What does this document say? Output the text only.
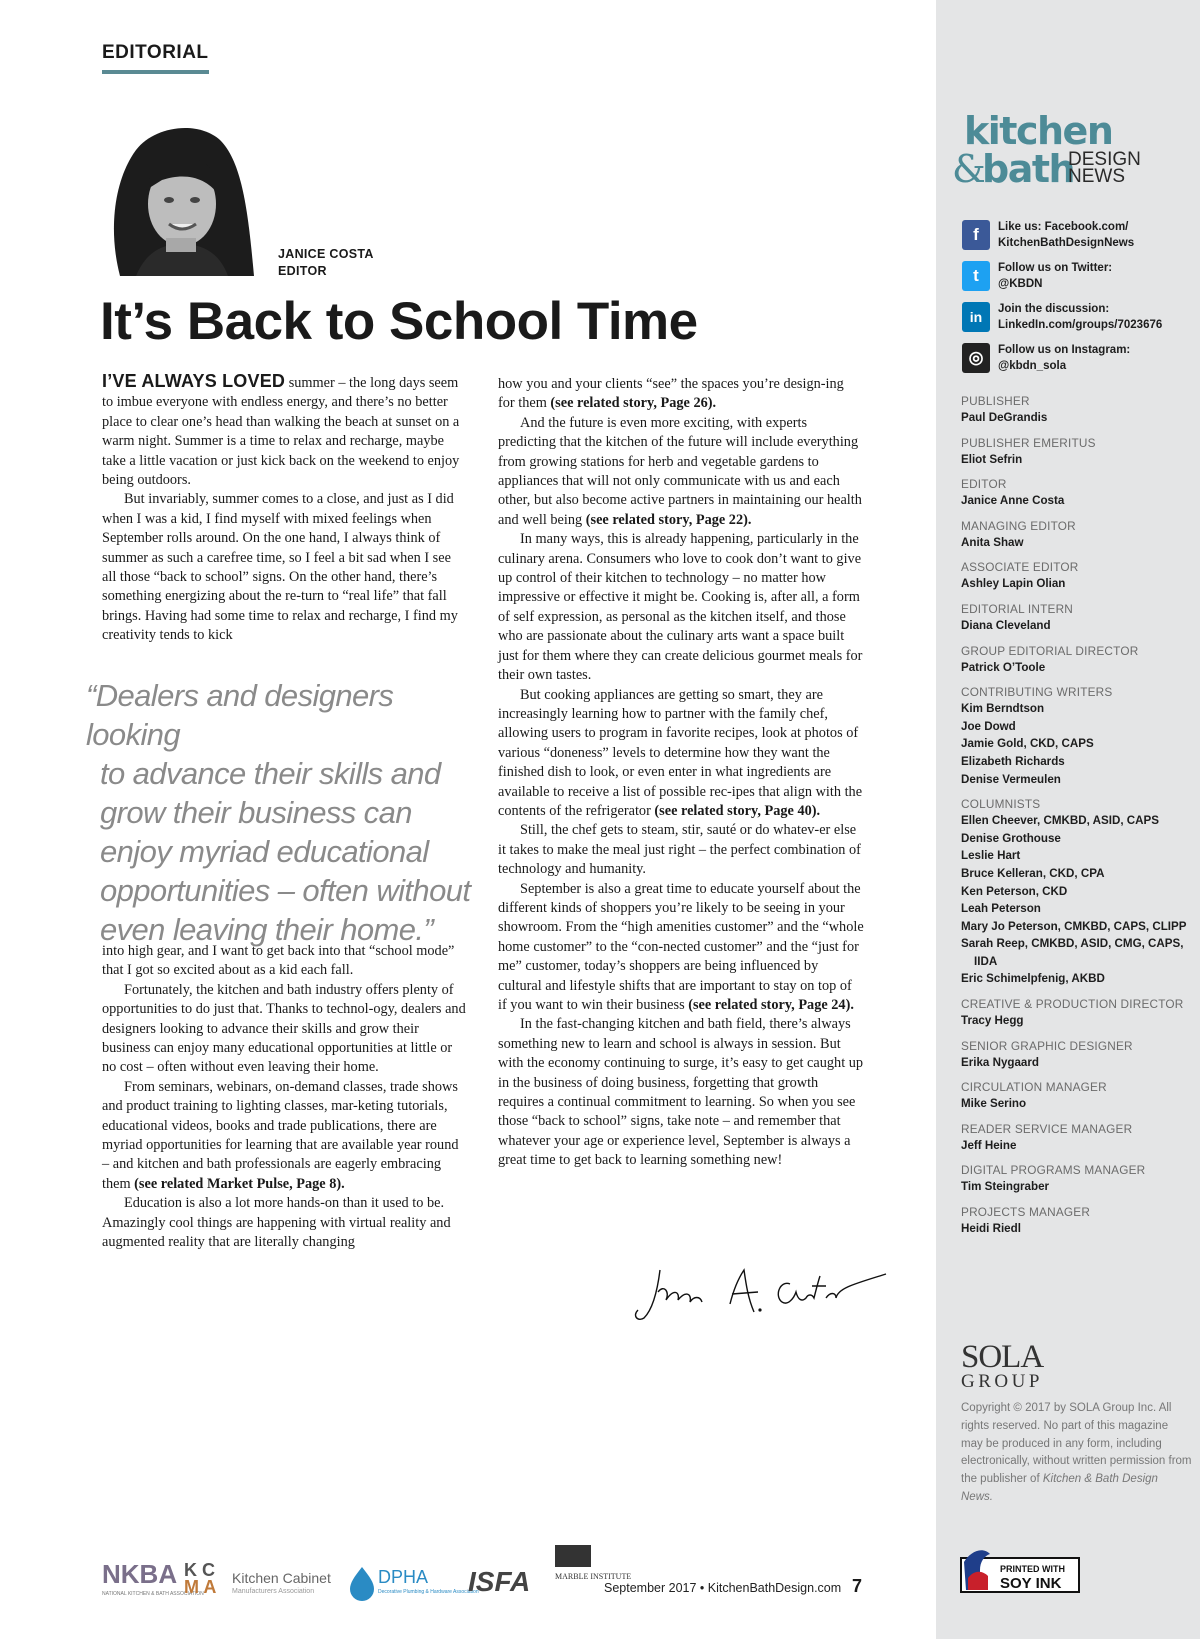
EDITORIAL
JANICE COSTA
EDITOR
It’s Back to School Time

I’VE ALWAYS LOVED summer – the long days seem to imbue everyone with endless energy, and there’s no better place to clear one’s head than walking the beach at sunset on a warm night. Summer is a time to relax and recharge, maybe take a little vacation or just kick back on the weekend to enjoy being outdoors.

But invariably, summer comes to a close, and just as I did when I was a kid, I find myself with mixed feelings when September rolls around. On the one hand, I always think of summer as such a carefree time, so I feel a bit sad when I see all those “back to school” signs. On the other hand, there’s something energizing about the re-turn to “real life” that fall brings. Having had some time to relax and recharge, I find my creativity tends to kick

“Dealers and designers looking
to advance their skills and
grow their business can
enjoy myriad educational
opportunities – often without
even leaving their home.”

into high gear, and I want to get back into that “school mode” that I got so excited about as a kid each fall.

Fortunately, the kitchen and bath industry offers plenty of opportunities to do just that. Thanks to technol-ogy, dealers and designers looking to advance their skills and grow their business can enjoy many educational opportunities at little or no cost – often without even leaving their home.

From seminars, webinars, on-demand classes, trade shows and product training to lighting classes, mar-keting tutorials, educational videos, books and trade publications, there are myriad opportunities for learning that are available year round – and kitchen and bath professionals are eagerly embracing them (see related Market Pulse, Page 8).

Education is also a lot more hands-on than it used to be. Amazingly cool things are happening with virtual reality and augmented reality that are literally changing

how you and your clients “see” the spaces you’re design-ing for them (see related story, Page 26).

And the future is even more exciting, with experts predicting that the kitchen of the future will include everything from growing stations for herb and vegetable gardens to appliances that will not only communicate with us and each other, but also become active partners in maintaining our health and well being (see related story, Page 22).

In many ways, this is already happening, particularly in the culinary arena. Consumers who love to cook don’t want to give up control of their kitchen to technology – no matter how impressive or effective it might be. Cooking is, after all, a form of self expression, as personal as the kitchen itself, and those who are passionate about the culinary arts want a space built just for them where they can create delicious gourmet meals for their own tastes.

But cooking appliances are getting so smart, they are increasingly learning how to partner with the family chef, allowing users to program in favorite recipes, look at photos of various “doneness” levels to determine how they want the finished dish to look, or even enter in what ingredients are available to receive a list of possible rec-ipes that align with the contents of the refrigerator (see related story, Page 40).

Still, the chef gets to steam, stir, sauté or do whatev-er else it takes to make the meal just right – the perfect combination of technology and humanity.

September is also a great time to educate yourself about the different kinds of shoppers you’re likely to be seeing in your showroom. From the “high amenities customer” and the “whole home customer” to the “con-nected customer” and the “just for me” customer, today’s shoppers are being influenced by cultural and lifestyle shifts that are important to stay on top of if you want to win their business (see related story, Page 24).

In the fast-changing kitchen and bath field, there’s always something new to learn and school is always in session. But with the economy continuing to surge, it’s easy to get caught up in the business of doing business, forgetting that growth requires a continual commitment to learning. So when you see those “back to school” signs, take note – and remember that whatever your age or experience level, September is always a great time to get back to learning something new!

NKBA
NATIONAL KITCHEN & BATH ASSOCIATION
K C
M A Kitchen Cabinet
Manufacturers Association
DPHA
Decorative Plumbing & Hardware Association
ISFA	MARBLE INSTITUTE
September 2017 • KitchenBathDesign.com 7
kitchen
&
bath
DESIGN
NEWS
f	Like us: Facebook.com/
KitchenBathDesignNews
t	Follow us on Twitter:
@KBDN
in	Join the discussion:
LinkedIn.com/groups/7023676
◎	Follow us on Instagram:
@kbdn_sola
PUBLISHER
Paul DeGrandis
PUBLISHER EMERITUS
Eliot Sefrin
EDITOR
Janice Anne Costa
MANAGING EDITOR
Anita Shaw
ASSOCIATE EDITOR
Ashley Lapin Olian
EDITORIAL INTERN
Diana Cleveland
GROUP EDITORIAL DIRECTOR
Patrick O’Toole
CONTRIBUTING WRITERS
Kim Berndtson
Joe Dowd
Jamie Gold, CKD, CAPS
Elizabeth Richards
Denise Vermeulen
COLUMNISTS
Ellen Cheever, CMKBD, ASID, CAPS
Denise Grothouse
Leslie Hart
Bruce Kelleran, CKD, CPA
Ken Peterson, CKD
Leah Peterson
Mary Jo Peterson, CMKBD, CAPS, CLIPP
Sarah Reep, CMKBD, ASID, CMG, CAPS, IIDA
Eric Schimelpfenig, AKBD
CREATIVE & PRODUCTION DIRECTOR
Tracy Hegg
SENIOR GRAPHIC DESIGNER
Erika Nygaard
CIRCULATION MANAGER
Mike Serino
READER SERVICE MANAGER
Jeff Heine
DIGITAL PROGRAMS MANAGER
Tim Steingraber
PROJECTS MANAGER
Heidi Riedl
SOLA
GROUP
Copyright © 2017 by SOLA Group Inc. All rights reserved. No part of this magazine may be produced in any form, including electronically, without written permission from the publisher of Kitchen & Bath Design News.
PRINTED WITH
SOY INK
